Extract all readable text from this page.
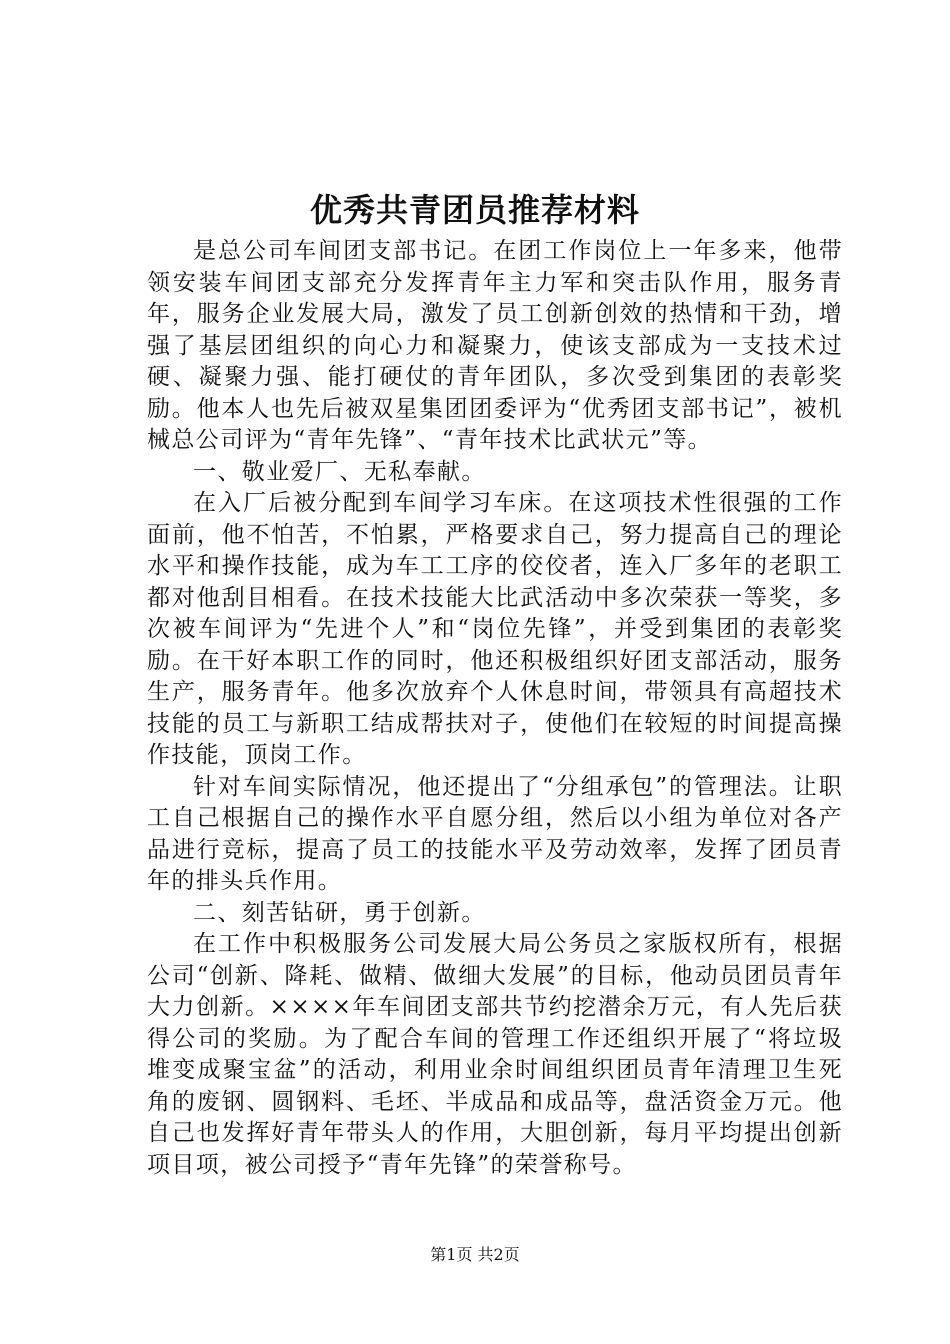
优秀共青团员推荐材料

是总公司车间团支部书记。在团工作岗位上一年多来，他带领安装车间团支部充分发挥青年主力军和突击队作用，服务青年，服务企业发展大局，激发了员工创新创效的热情和干劲，增强了基层团组织的向心力和凝聚力，使该支部成为一支技术过硬、凝聚力强、能打硬仗的青年团队，多次受到集团的表彰奖励。他本人也先后被双星集团团委评为“优秀团支部书记”，被机械总公司评为“青年先锋”、“青年技术比武状元”等。

一、敬业爱厂、无私奉献。

在入厂后被分配到车间学习车床。在这项技术性很强的工作面前，他不怕苦，不怕累，严格要求自己，努力提高自己的理论水平和操作技能，成为车工工序的佼佼者，连入厂多年的老职工都对他刮目相看。在技术技能大比武活动中多次荣获一等奖，多次被车间评为“先进个人”和“岗位先锋”，并受到集团的表彰奖励。在干好本职工作的同时，他还积极组织好团支部活动，服务生产，服务青年。他多次放弃个人休息时间，带领具有高超技术技能的员工与新职工结成帮扶对子，使他们在较短的时间提高操作技能，顶岗工作。

针对车间实际情况，他还提出了“分组承包”的管理法。让职工自己根据自己的操作水平自愿分组，然后以小组为单位对各产品进行竞标，提高了员工的技能水平及劳动效率，发挥了团员青年的排头兵作用。

二、刻苦钻研，勇于创新。

在工作中积极服务公司发展大局公务员之家版权所有，根据公司“创新、降耗、做精、做细大发展”的目标，他动员团员青年大力创新。××××年车间团支部共节约挖潜余万元，有人先后获得公司的奖励。为了配合车间的管理工作还组织开展了“将垃圾堆变成聚宝盆”的活动，利用业余时间组织团员青年清理卫生死角的废钢、圆钢料、毛坯、半成品和成品等，盘活资金万元。他自己也发挥好青年带头人的作用，大胆创新，每月平均提出创新项目项，被公司授予“青年先锋”的荣誉称号。

第1页 共2页
